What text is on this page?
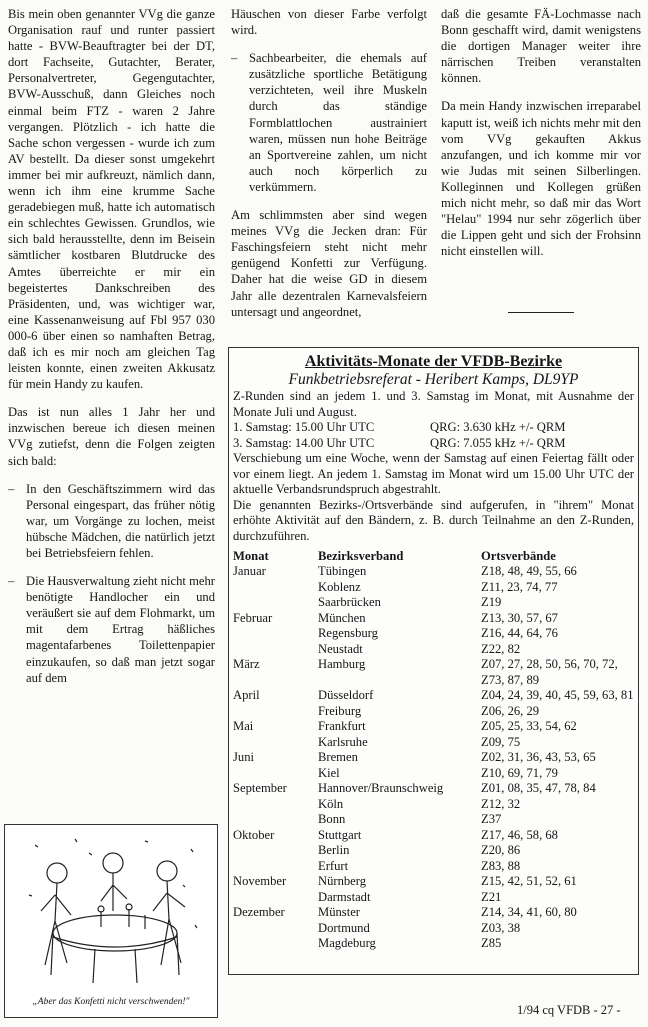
Bis mein oben genannter VVg die ganze Organisation rauf und runter passiert hatte - BVW-Beauftragter bei der DT, dort Fachseite, Gutachter, Berater, Personalvertreter, Gegengutachter, BVW-Ausschuß, dann Gleiches noch einmal beim FTZ - waren 2 Jahre vergangen. Plötzlich - ich hatte die Sache schon vergessen - wurde ich zum AV bestellt. Da dieser sonst umgekehrt immer bei mir aufkreuzt, nämlich dann, wenn ich ihm eine krumme Sache geradebiegen muß, hatte ich automatisch ein schlechtes Gewissen. Grundlos, wie sich bald herausstellte, denn im Beisein sämtlicher kostbaren Blutdrucke des Amtes überreichte er mir ein begeistertes Dankschreiben des Präsidenten, und, was wichtiger war, eine Kassenanweisung auf Fbl 957 030 000-6 über einen so namhaften Betrag, daß ich es mir noch am gleichen Tag leisten konnte, einen zweiten Akkusatz für mein Handy zu kaufen.

Das ist nun alles 1 Jahr her und inzwischen bereue ich diesen meinen VVg zutiefst, denn die Folgen zeigten sich bald:

– In den Geschäftszimmern wird das Personal eingespart, das früher nötig war, um Vorgänge zu lochen, meist hübsche Mädchen, die natürlich jetzt bei Betriebsfeiern fehlen.
– Die Hausverwaltung zieht nicht mehr benötigte Handlocher ein und veräußert sie auf dem Flohmarkt, um mit dem Ertrag häßliches magentafarbenes Toilettenpapier einzukaufen, so daß man jetzt sogar auf dem

Häuschen von dieser Farbe verfolgt wird.

– Sachbearbeiter, die ehemals auf zusätzliche sportliche Betätigung verzichteten, weil ihre Muskeln durch das ständige Formblattlochen austrainiert waren, müssen nun hohe Beiträge an Sportvereine zahlen, um nicht auch noch körperlich zu verkümmern.

Am schlimmsten aber sind wegen meines VVg die Jecken dran: Für Faschingsfeiern steht nicht mehr genügend Konfetti zur Verfügung. Daher hat die weise GD in diesem Jahr alle dezentralen Karnevalsfeiern untersagt und angeordnet,

daß die gesamte FÄ-Lochmasse nach Bonn geschafft wird, damit wenigstens die dortigen Manager weiter ihre närrischen Treiben veranstalten können.

Da mein Handy inzwischen irreparabel kaputt ist, weiß ich nichts mehr mit den vom VVg gekauften Akkus anzufangen, und ich komme mir vor wie Judas mit seinen Silberlingen. Kolleginnen und Kollegen grüßen mich nicht mehr, so daß mir das Wort "Helau" 1994 nur sehr zögerlich über die Lippen geht und sich der Frohsinn nicht einstellen will.

„Aber das Konfetti nicht verschwenden!"
Aktivitäts-Monate der VFDB-Bezirke
Funkbetriebsreferat - Heribert Kamps, DL9YP

Z-Runden sind an jedem 1. und 3. Samstag im Monat, mit Ausnahme der Monate Juli und August.

1. Samstag: 15.00 Uhr UTC	QRG: 3.630 kHz +/- QRM
3. Samstag: 14.00 Uhr UTC	QRG: 7.055 kHz +/- QRM

Verschiebung um eine Woche, wenn der Samstag auf einen Feiertag fällt oder vor einem liegt. An jedem 1. Samstag im Monat wird um 15.00 Uhr UTC der aktuelle Verbandsrundspruch abgestrahlt.

Die genannten Bezirks-/Ortsverbände sind aufgerufen, in "ihrem" Monat erhöhte Aktivität auf den Bändern, z. B. durch Teilnahme an den Z-Runden, durchzuführen.

Monat	Bezirksverband	Ortsverbände
Januar	Tübingen	Z18, 48, 49, 55, 66
	Koblenz	Z11, 23, 74, 77
	Saarbrücken	Z19
Februar	München	Z13, 30, 57, 67
	Regensburg	Z16, 44, 64, 76
	Neustadt	Z22, 82
März	Hamburg	Z07, 27, 28, 50, 56, 70, 72,
		Z73, 87, 89
April	Düsseldorf	Z04, 24, 39, 40, 45, 59, 63, 81
	Freiburg	Z06, 26, 29
Mai	Frankfurt	Z05, 25, 33, 54, 62
	Karlsruhe	Z09, 75
Juni	Bremen	Z02, 31, 36, 43, 53, 65
	Kiel	Z10, 69, 71, 79
September	Hannover/Braunschweig	Z01, 08, 35, 47, 78, 84
	Köln	Z12, 32
	Bonn	Z37
Oktober	Stuttgart	Z17, 46, 58, 68
	Berlin	Z20, 86
	Erfurt	Z83, 88
November	Nürnberg	Z15, 42, 51, 52, 61
	Darmstadt	Z21
Dezember	Münster	Z14, 34, 41, 60, 80
	Dortmund	Z03, 38
	Magdeburg	Z85
1/94 cq VFDB - 27 -
